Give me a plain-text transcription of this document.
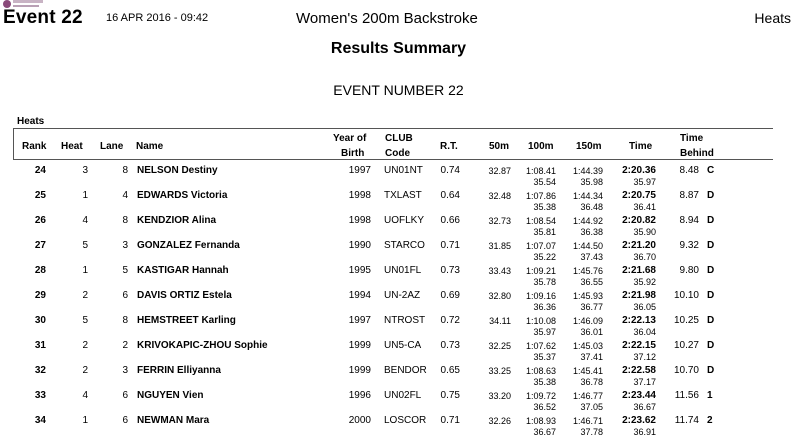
Event 22 16 APR 2016 - 09:42	Women's 200m Backstroke	Heats
Results Summary
EVENT NUMBER 22
Heats
Rank Heat Lane Name
Year of
Birth
CLUB
Code
R.T.	50m 100m 150m	Time
Time
Behind
24	3	8 NELSON Destiny	1997 UN01NT	0.74	32.87	1:08.41	1:44.39	2:20.36	8.48 C
35.54	35.98	35.97
25	1	4 EDWARDS Victoria	1998 TXLAST	0.64	32.48	1:07.86	1:44.34	2:20.75	8.87 D
35.38	36.48	36.41
26	4	8 KENDZIOR Alina	1998 UOFLKY	0.66	32.73	1:08.54	1:44.92	2:20.82	8.94 D
35.81	36.38	35.90
27	5	3 GONZALEZ Fernanda	1990 STARCO	0.71	31.85	1:07.07	1:44.50	2:21.20	9.32 D
35.22	37.43	36.70
28	1	5 KASTIGAR Hannah	1995 UN01FL	0.73	33.43	1:09.21	1:45.76	2:21.68	9.80 D
35.78	36.55	35.92
29	2	6 DAVIS ORTIZ Estela	1994 UN-2AZ	0.69	32.80	1:09.16	1:45.93	2:21.98	10.10 D
36.36	36.77	36.05
30	5	8 HEMSTREET Karling	1997 NTROST	0.72	34.11	1:10.08	1:46.09	2:22.13	10.25 D
35.97	36.01	36.04
31	2	2 KRIVOKAPIC-ZHOU Sophie	1999 UN5-CA	0.73	32.25	1:07.62	1:45.03	2:22.15	10.27 D
35.37	37.41	37.12
32	2	3 FERRIN Elliyanna	1999 BENDOR	0.65	33.25	1:08.63	1:45.41	2:22.58	10.70 D
35.38	36.78	37.17
33	4	6 NGUYEN Vien	1996 UN02FL	0.75	33.20	1:09.72	1:46.77	2:23.44	11.56 1
36.52	37.05	36.67
34	1	6 NEWMAN Mara	2000 LOSCOR	0.71	32.26	1:08.93	1:46.71	2:23.62	11.74 2
36.67	37.78	36.91
